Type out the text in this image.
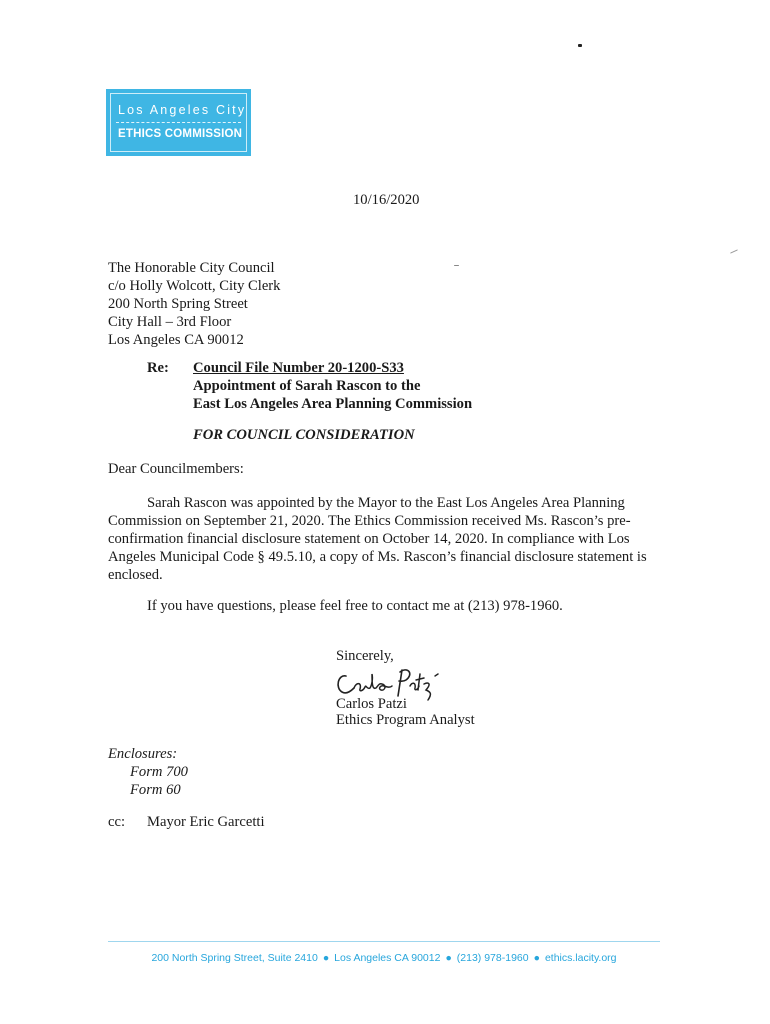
Los Angeles City
ETHICS COMMISSION
10/16/2020
The Honorable City Council
c/o Holly Wolcott, City Clerk
200 North Spring Street
City Hall – 3rd Floor
Los Angeles CA 90012
Re: Council File Number 20-1200-S33
Appointment of Sarah Rascon to the
East Los Angeles Area Planning Commission
FOR COUNCIL CONSIDERATION
Dear Councilmembers:
Sarah Rascon was appointed by the Mayor to the East Los Angeles Area Planning
Commission on September 21, 2020. The Ethics Commission received Ms. Rascon’s pre-
confirmation financial disclosure statement on October 14, 2020. In compliance with Los
Angeles Municipal Code § 49.5.10, a copy of Ms. Rascon’s financial disclosure statement is
enclosed.
If you have questions, please feel free to contact me at (213) 978-1960.
Sincerely,
Carlos Patzi
Ethics Program Analyst
Enclosures:
Form 700
Form 60
cc: Mayor Eric Garcetti
200 North Spring Street, Suite 2410 ● Los Angeles CA 90012 ● (213) 978-1960 ● ethics.lacity.org
